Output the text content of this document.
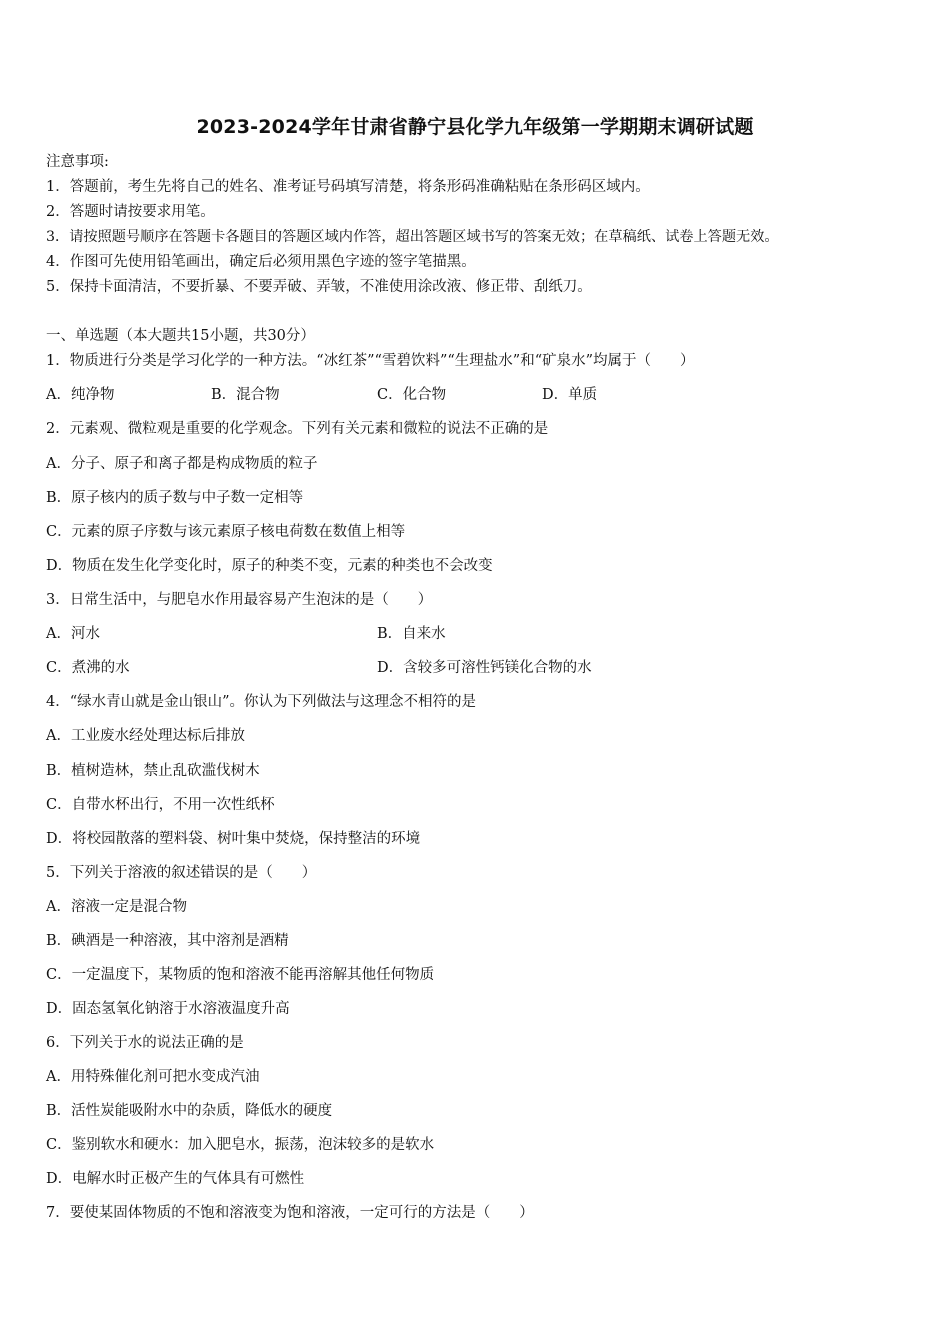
2023-2024学年甘肃省静宁县化学九年级第一学期期末调研试题
注意事项:
1．答题前，考生先将自己的姓名、准考证号码填写清楚，将条形码准确粘贴在条形码区域内。
2．答题时请按要求用笔。
3．请按照题号顺序在答题卡各题目的答题区域内作答，超出答题区域书写的答案无效；在草稿纸、试卷上答题无效。
4．作图可先使用铅笔画出，确定后必须用黑色字迹的签字笔描黑。
5．保持卡面清洁，不要折暴、不要弄破、弄皱，不准使用涂改液、修正带、刮纸刀。
一、单选题（本大题共15小题，共30分）
1．物质进行分类是学习化学的一种方法。“冰红茶”“雪碧饮料”“生理盐水”和“矿泉水”均属于（　　）
A．纯净物	B．混合物	C．化合物	D．单质
2．元素观、微粒观是重要的化学观念。下列有关元素和微粒的说法不正确的是
A．分子、原子和离子都是构成物质的粒子
B．原子核内的质子数与中子数一定相等
C．元素的原子序数与该元素原子核电荷数在数值上相等
D．物质在发生化学变化时，原子的种类不变，元素的种类也不会改变
3．日常生活中，与肥皂水作用最容易产生泡沫的是（　　）
A．河水	B．自来水
C．煮沸的水	D．含较多可溶性钙镁化合物的水
4．“绿水青山就是金山银山”。你认为下列做法与这理念不相符的是
A．工业废水经处理达标后排放
B．植树造林，禁止乱砍滥伐树木
C．自带水杯出行，不用一次性纸杯
D．将校园散落的塑料袋、树叶集中焚烧，保持整洁的环境
5．下列关于溶液的叙述错误的是（　　）
A．溶液一定是混合物
B．碘酒是一种溶液，其中溶剂是酒精
C．一定温度下，某物质的饱和溶液不能再溶解其他任何物质
D．固态氢氧化钠溶于水溶液温度升高
6．下列关于水的说法正确的是
A．用特殊催化剂可把水变成汽油
B．活性炭能吸附水中的杂质，降低水的硬度
C．鉴别软水和硬水：加入肥皂水，振荡，泡沫较多的是软水
D．电解水时正极产生的气体具有可燃性
7．要使某固体物质的不饱和溶液变为饱和溶液，一定可行的方法是（　　）
